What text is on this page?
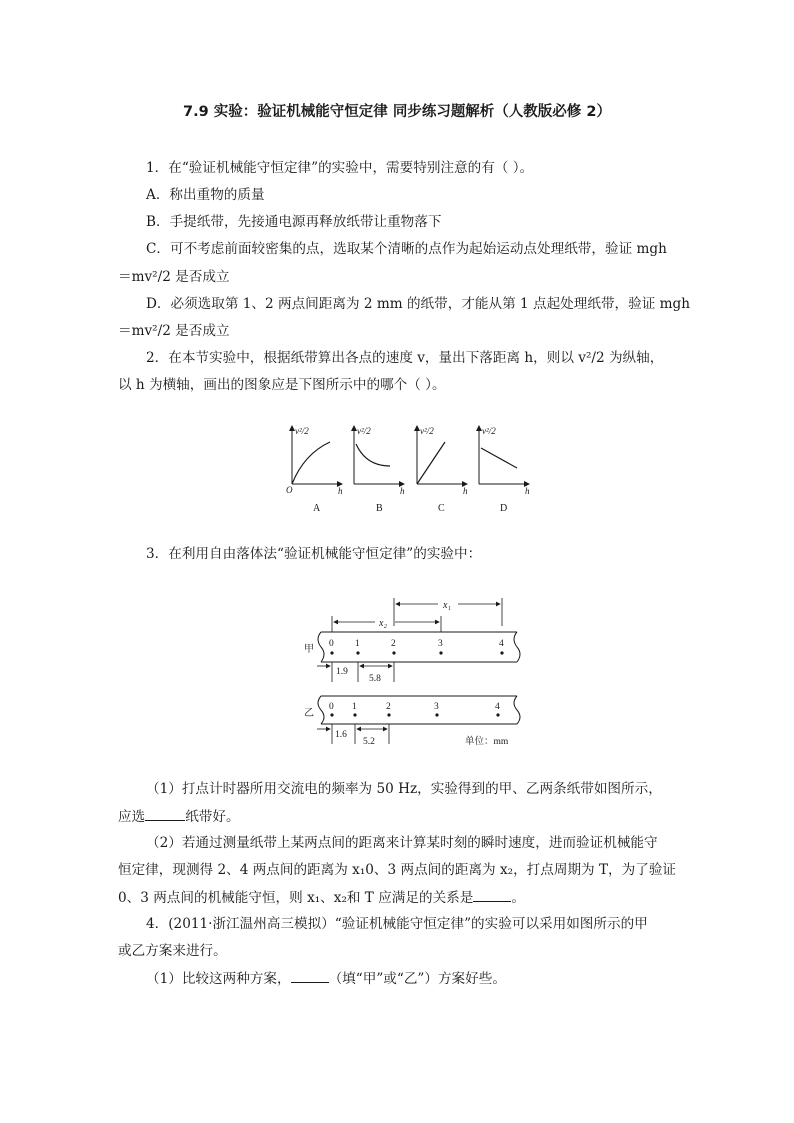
7.9 实验：验证机械能守恒定律 同步练习题解析（人教版必修 2）
1．在“验证机械能守恒定律”的实验中，需要特别注意的有（ ）。
A．称出重物的质量
B．手提纸带，先接通电源再释放纸带让重物落下
C．可不考虑前面较密集的点，选取某个清晰的点作为起始运动点处理纸带，验证 mgh
＝mv²/2 是否成立
D．必须选取第 1、2 两点间距离为 2 mm 的纸带，才能从第 1 点起处理纸带，验证 mgh
＝mv²/2 是否成立
2．在本节实验中，根据纸带算出各点的速度 v，量出下落距离 h，则以 v²/2 为纵轴，
以 h 为横轴，画出的图象应是下图所示中的哪个（ ）。
v²/2
O	h
A
v²/2
h
B
v²/2
h
C
v²/2
h
D
3．在利用自由落体法“验证机械能守恒定律”的实验中：
x₁
x₂
甲 0 1	2	3	4
1.9
5.8
乙
0 1	2	3	4
1.6
5.2	单位：mm
（1）打点计时器所用交流电的频率为 50 Hz，实验得到的甲、乙两条纸带如图所示，
应选	纸带好。
（2）若通过测量纸带上某两点间的距离来计算某时刻的瞬时速度，进而验证机械能守
恒定律，现测得 2、4 两点间的距离为 x₁0、3 两点间的距离为 x₂，打点周期为 T，为了验证
0、3 两点间的机械能守恒，则 x₁、x₂和 T 应满足的关系是	。
4．(2011·浙江温州高三模拟）“验证机械能守恒定律”的实验可以采用如图所示的甲
或乙方案来进行。
（1）比较这两种方案，	（填“甲”或“乙”）方案好些。
